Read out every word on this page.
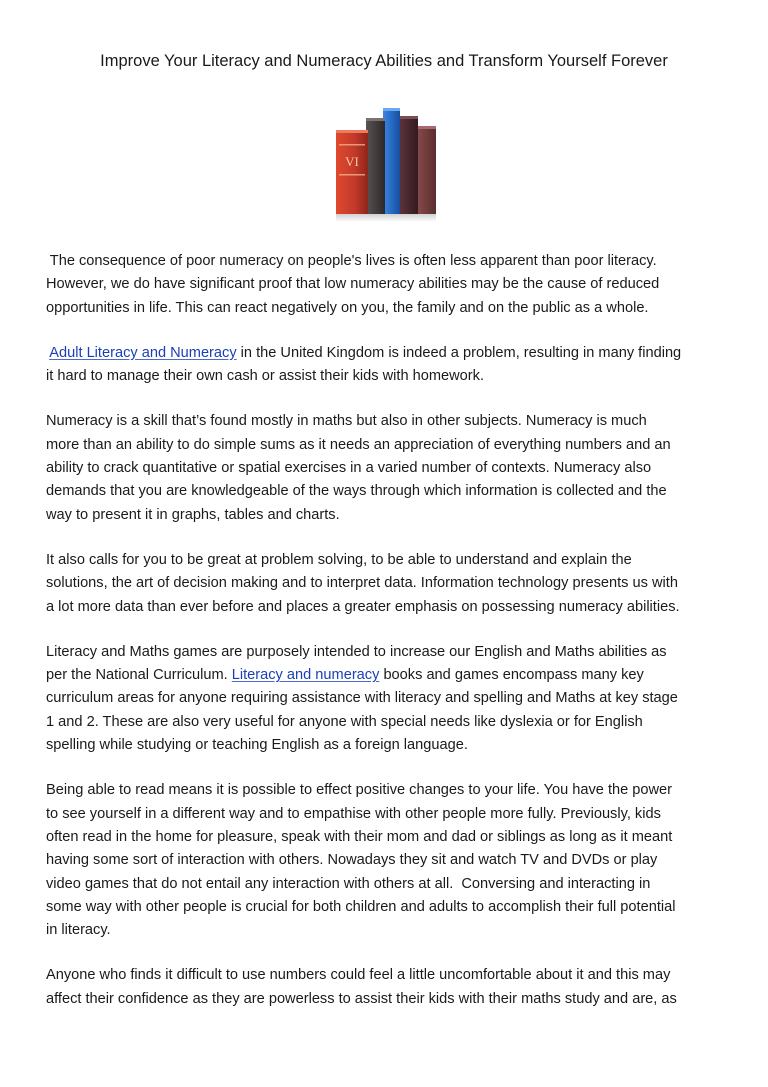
Improve Your Literacy and Numeracy Abilities and Transform Yourself Forever
VI

The consequence of poor numeracy on people's lives is often less apparent than poor literacy.
However, we do have significant proof that low numeracy abilities may be the cause of reduced
opportunities in life. This can react negatively on you, the family and on the public as a whole.

Adult Literacy and Numeracy in the United Kingdom is indeed a problem, resulting in many finding
it hard to manage their own cash or assist their kids with homework.

Numeracy is a skill that’s found mostly in maths but also in other subjects. Numeracy is much
more than an ability to do simple sums as it needs an appreciation of everything numbers and an
ability to crack quantitative or spatial exercises in a varied number of contexts. Numeracy also
demands that you are knowledgeable of the ways through which information is collected and the
way to present it in graphs, tables and charts.

It also calls for you to be great at problem solving, to be able to understand and explain the
solutions, the art of decision making and to interpret data. Information technology presents us with
a lot more data than ever before and places a greater emphasis on possessing numeracy abilities.

Literacy and Maths games are purposely intended to increase our English and Maths abilities as
per the National Curriculum. Literacy and numeracy books and games encompass many key
curriculum areas for anyone requiring assistance with literacy and spelling and Maths at key stage
1 and 2. These are also very useful for anyone with special needs like dyslexia or for English
spelling while studying or teaching English as a foreign language.

Being able to read means it is possible to effect positive changes to your life. You have the power
to see yourself in a different way and to empathise with other people more fully. Previously, kids
often read in the home for pleasure, speak with their mom and dad or siblings as long as it meant
having some sort of interaction with others. Nowadays they sit and watch TV and DVDs or play
video games that do not entail any interaction with others at all.  Conversing and interacting in
some way with other people is crucial for both children and adults to accomplish their full potential
in literacy.

Anyone who finds it difficult to use numbers could feel a little uncomfortable about it and this may
affect their confidence as they are powerless to assist their kids with their maths study and are, as
